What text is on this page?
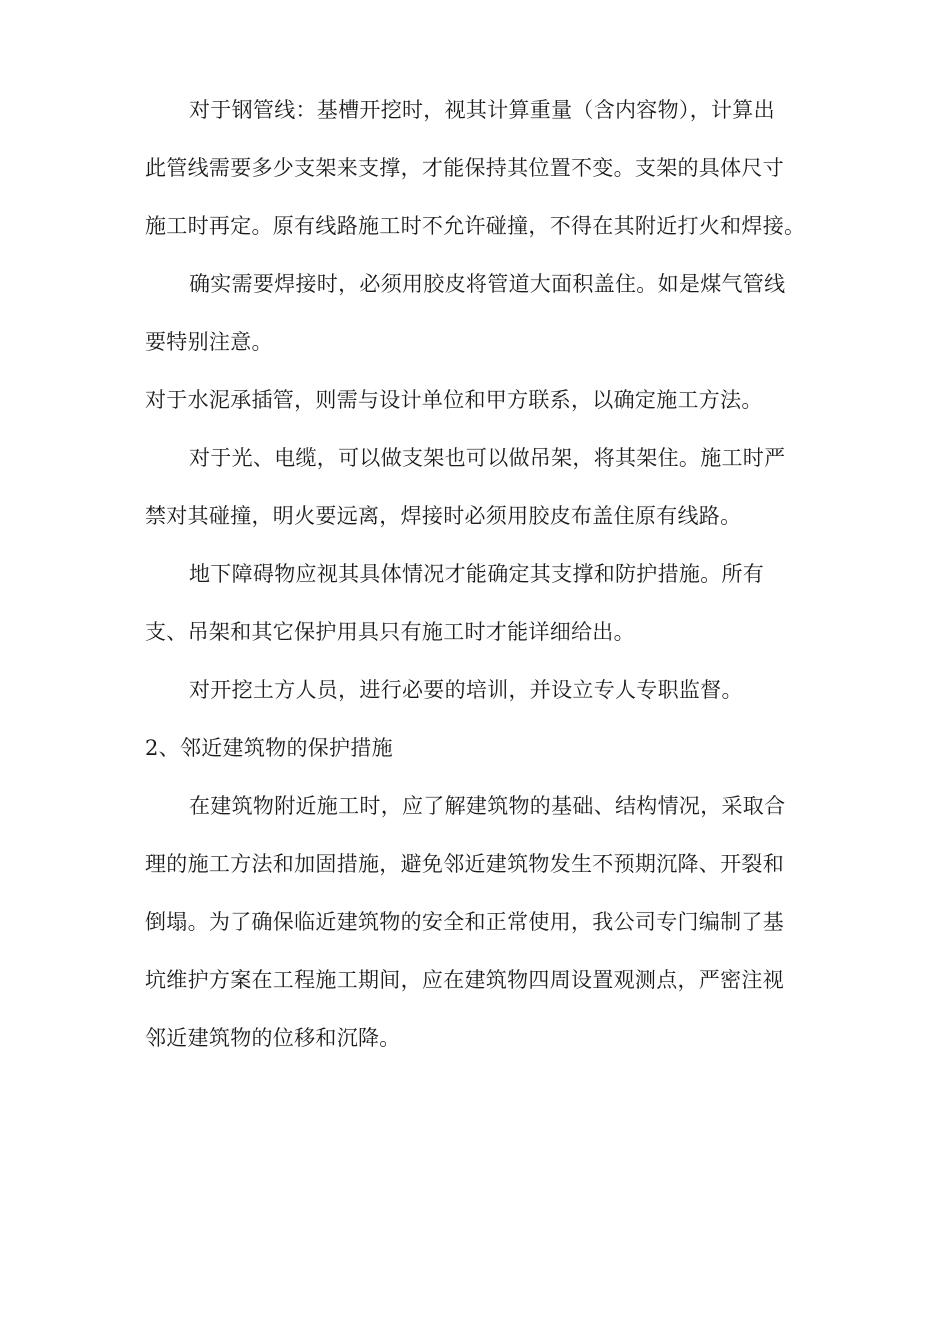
对于钢管线：基槽开挖时，视其计算重量（含内容物），计算出
此管线需要多少支架来支撑，才能保持其位置不变。支架的具体尺寸
施工时再定。原有线路施工时不允许碰撞，不得在其附近打火和焊接。
确实需要焊接时，必须用胶皮将管道大面积盖住。如是煤气管线
要特别注意。
对于水泥承插管，则需与设计单位和甲方联系，以确定施工方法。
对于光、电缆，可以做支架也可以做吊架，将其架住。施工时严
禁对其碰撞，明火要远离，焊接时必须用胶皮布盖住原有线路。
地下障碍物应视其具体情况才能确定其支撑和防护措施。所有
支、吊架和其它保护用具只有施工时才能详细给出。
对开挖土方人员，进行必要的培训，并设立专人专职监督。
2、邻近建筑物的保护措施
在建筑物附近施工时，应了解建筑物的基础、结构情况，采取合
理的施工方法和加固措施，避免邻近建筑物发生不预期沉降、开裂和
倒塌。为了确保临近建筑物的安全和正常使用，我公司专门编制了基
坑维护方案在工程施工期间，应在建筑物四周设置观测点，严密注视
邻近建筑物的位移和沉降。
